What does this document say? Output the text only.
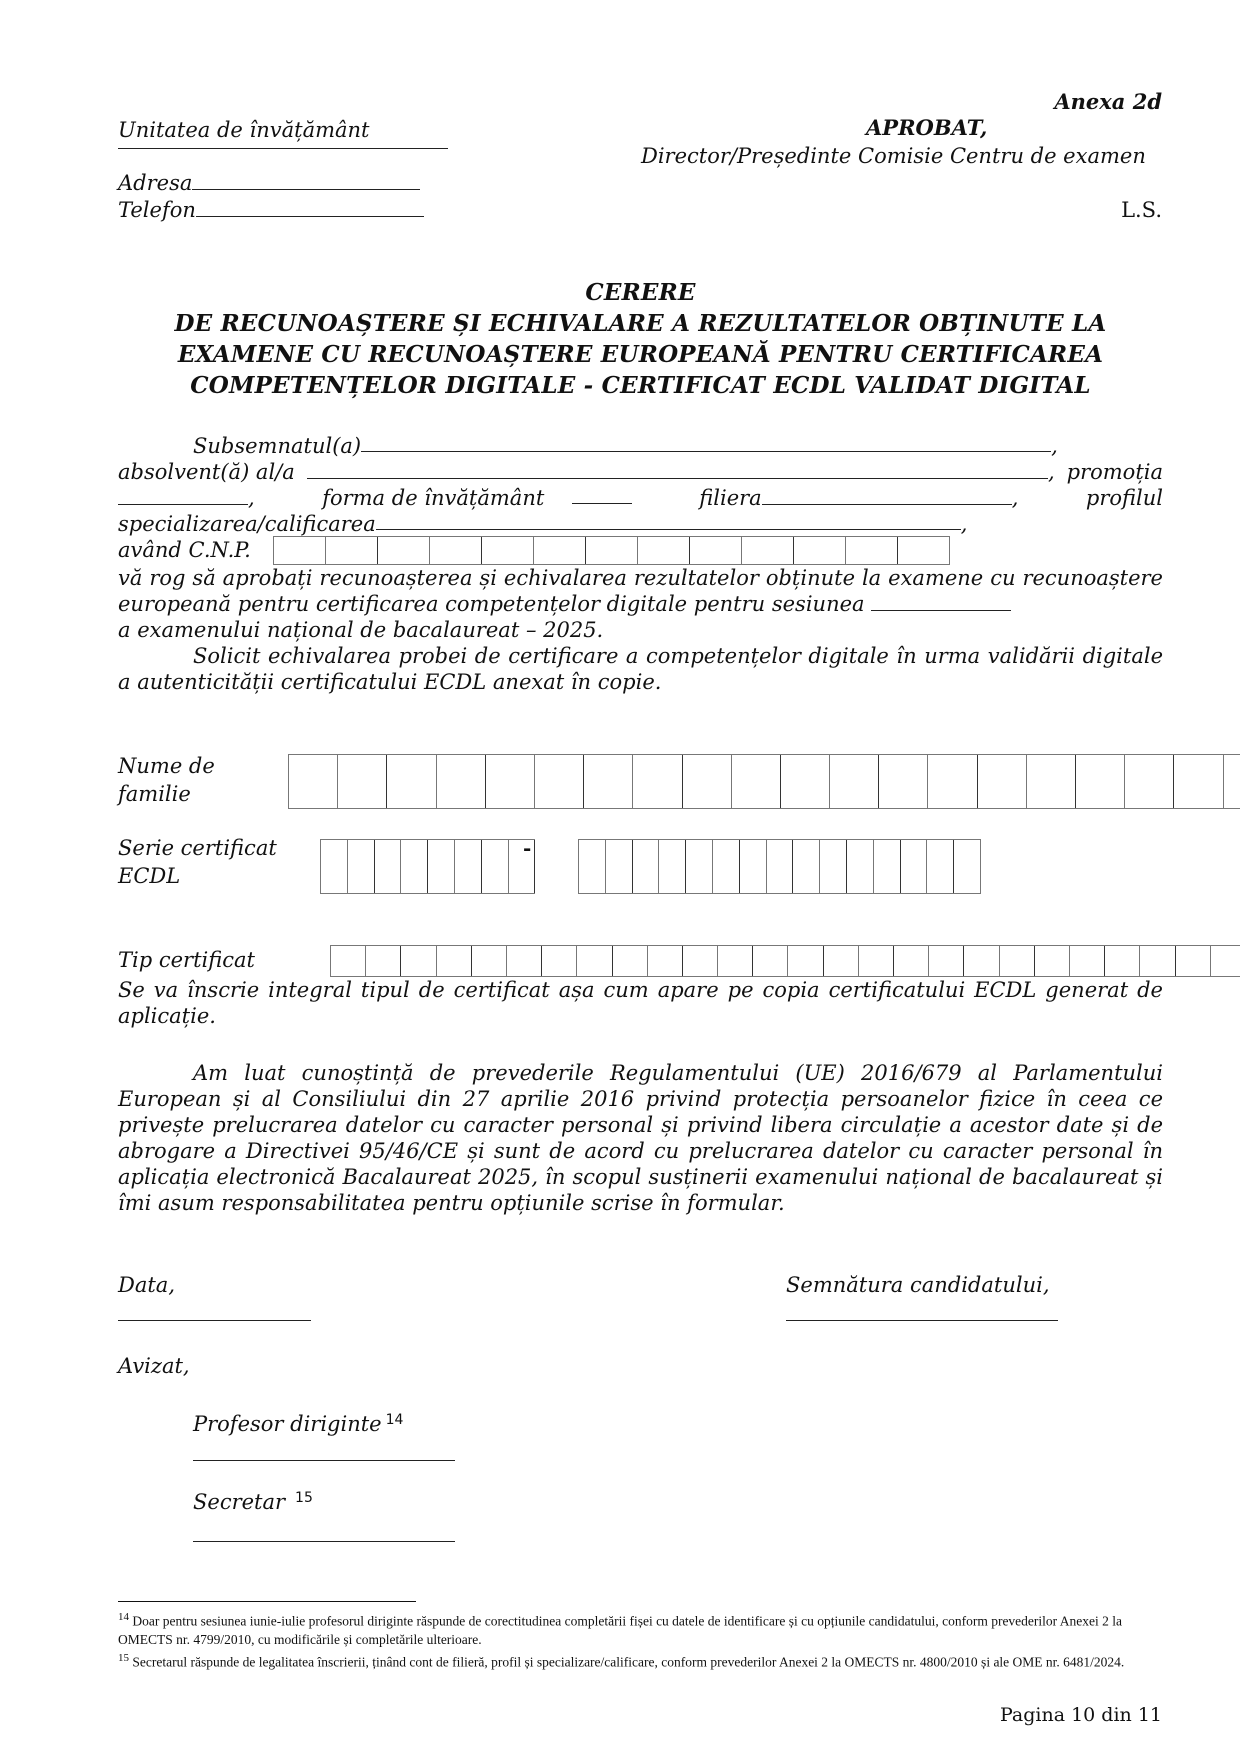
Anexa 2d
Unitatea de învățământ
Adresa
Telefon
APROBAT,
Director/Președinte Comisie Centru de examen
L.S.
CERERE
DE RECUNOAȘTERE ȘI ECHIVALARE A REZULTATELOR OBȚINUTE LA
EXAMENE CU RECUNOAȘTERE EUROPEANĂ PENTRU CERTIFICAREA
COMPETENȚELOR DIGITALE - CERTIFICAT ECDL VALIDAT DIGITAL
Subsemnatul(a)	,
absolvent(ă) al/a	, promoția
,	forma de învățământ	filiera	,	profilul
specializarea/calificarea	,
având C.N.P.
vă rog să aprobați recunoașterea și echivalarea rezultatelor obținute la examene cu recunoaștere europeană pentru certificarea competențelor digitale pentru sesiunea
a examenului național de bacalaureat – 2025.
Solicit echivalarea probei de certificare a competențelor digitale în urma validării digitale a autenticității certificatului ECDL anexat în copie.
Nume de
familie
Serie certificat
ECDL
-
Tip certificat
Se va înscrie integral tipul de certificat așa cum apare pe copia certificatului ECDL generat de aplicație.
Am luat cunoștință de prevederile Regulamentului (UE) 2016/679 al Parlamentului European și al Consiliului din 27 aprilie 2016 privind protecția persoanelor fizice în ceea ce privește prelucrarea datelor cu caracter personal și privind libera circulație a acestor date și de abrogare a Directivei 95/46/CE și sunt de acord cu prelucrarea datelor cu caracter personal în aplicația electronică Bacalaureat 2025, în scopul susținerii examenului național de bacalaureat și îmi asum responsabilitatea pentru opțiunile scrise în formular.
Data,	Semnătura candidatului,
Avizat,
Profesor diriginte $^{14}$
Secretar $^{15}$
$^{14}$ Doar pentru sesiunea iunie-iulie profesorul diriginte răspunde de corectitudinea completării fișei cu datele de identificare și cu opțiunile candidatului, conform prevederilor Anexei 2 la OMECTS nr. 4799/2010, cu modificările și completările ulterioare.
$^{15}$ Secretarul răspunde de legalitatea înscrierii, ținând cont de filieră, profil și specializare/calificare, conform prevederilor Anexei 2 la OMECTS nr. 4800/2010 și ale OME nr. 6481/2024.
Pagina 10 din 11
